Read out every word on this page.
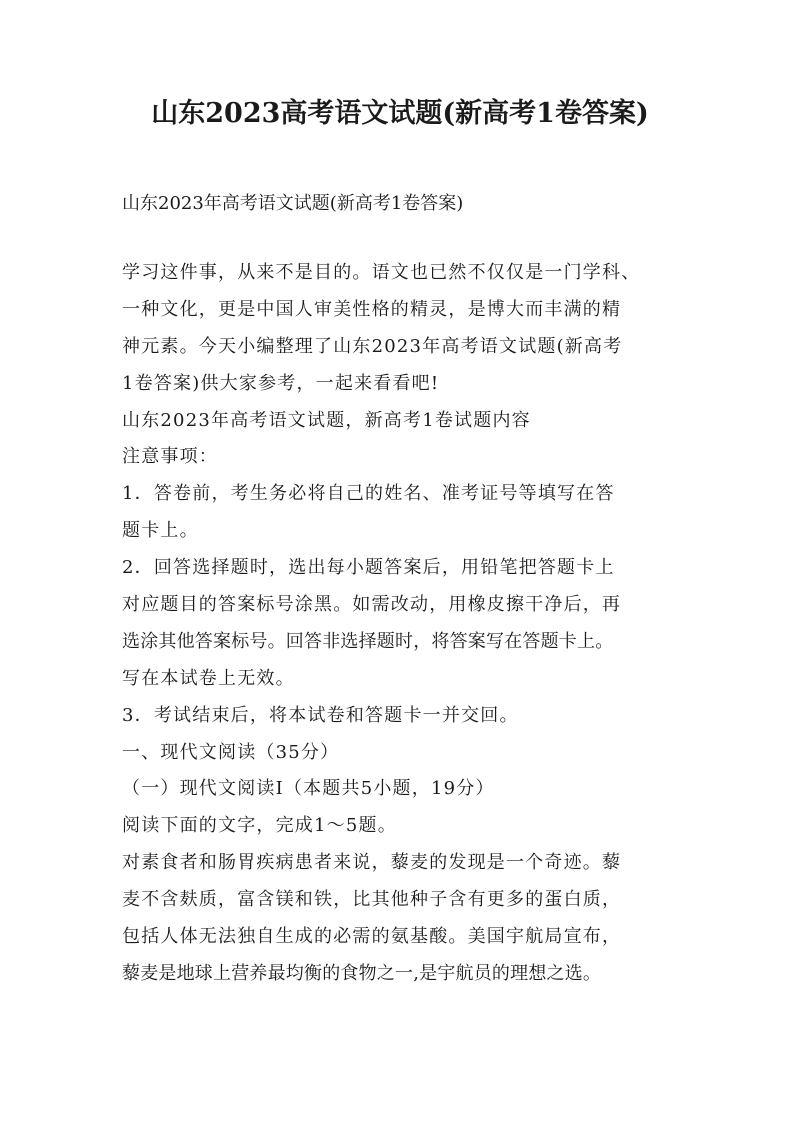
山东2023高考语文试题(新高考1卷答案)

山东2023年高考语文试题(新高考1卷答案)

学习这件事，从来不是目的。语文也已然不仅仅是一门学科、

一种文化，更是中国人审美性格的精灵，是博大而丰满的精

神元素。今天小编整理了山东2023年高考语文试题(新高考

1卷答案)供大家参考，一起来看看吧!

山东2023年高考语文试题，新高考1卷试题内容

注意事项：

1．答卷前，考生务必将自己的姓名、准考证号等填写在答

题卡上。

2．回答选择题时，选出每小题答案后，用铅笔把答题卡上

对应题目的答案标号涂黑。如需改动，用橡皮擦干净后，再

选涂其他答案标号。回答非选择题时，将答案写在答题卡上。

写在本试卷上无效。

3．考试结束后，将本试卷和答题卡一并交回。

一、现代文阅读（35分）

（一）现代文阅读I（本题共5小题，19分）

阅读下面的文字，完成1～5题。

对素食者和肠胃疾病患者来说，藜麦的发现是一个奇迹。藜

麦不含麸质，富含镁和铁，比其他种子含有更多的蛋白质，

包括人体无法独自生成的必需的氨基酸。美国宇航局宣布，

藜麦是地球上营养最均衡的食物之一,是宇航员的理想之选。
